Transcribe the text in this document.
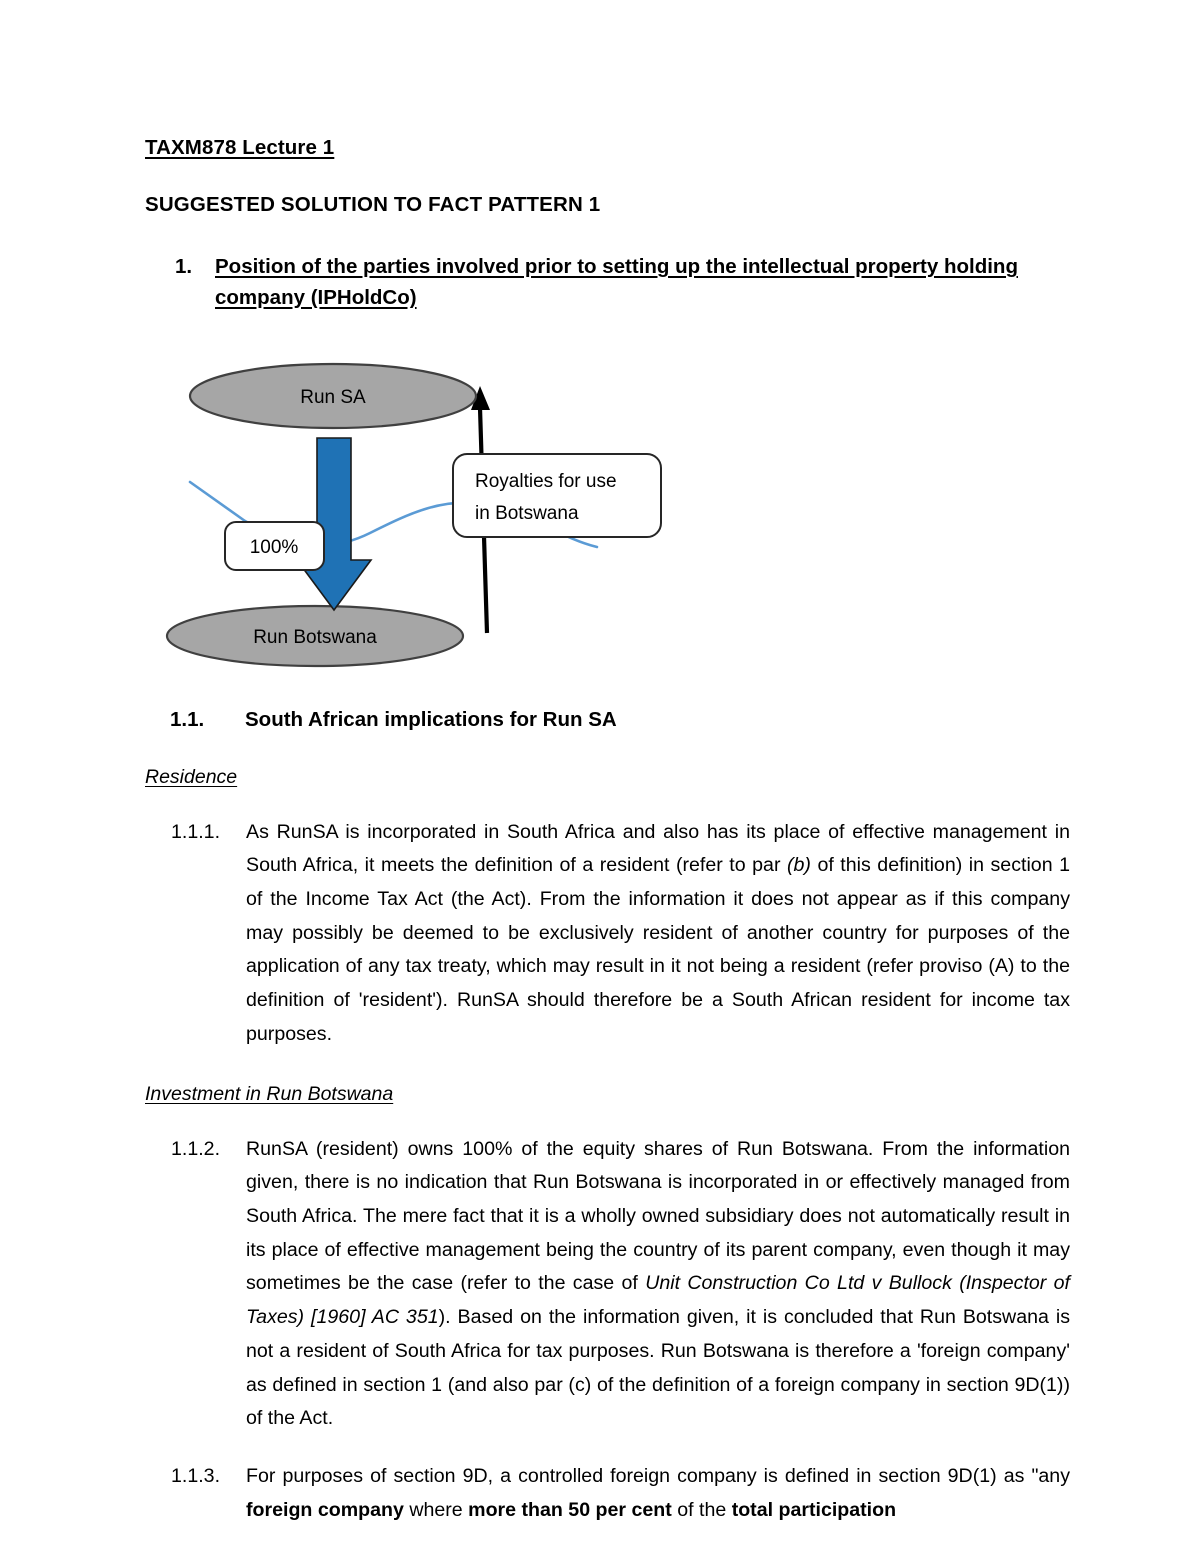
TAXM878 Lecture 1
SUGGESTED SOLUTION TO FACT PATTERN 1
1. Position of the parties involved prior to setting up the intellectual property holding company (IPHoldCo)
Run SA
Run Botswana
100%
Royalties for use
in Botswana
1.1. South African implications for Run SA
Residence

1.1.1. As RunSA is incorporated in South Africa and also has its place of effective management in South Africa, it meets the definition of a resident (refer to par (b) of this definition) in section 1 of the Income Tax Act (the Act). From the information it does not appear as if this company may possibly be deemed to be exclusively resident of another country for purposes of the application of any tax treaty, which may result in it not being a resident (refer proviso (A) to the definition of 'resident'). RunSA should therefore be a South African resident for income tax purposes.

Investment in Run Botswana

1.1.2. RunSA (resident) owns 100% of the equity shares of Run Botswana. From the information given, there is no indication that Run Botswana is incorporated in or effectively managed from South Africa. The mere fact that it is a wholly owned subsidiary does not automatically result in its place of effective management being the country of its parent company, even though it may sometimes be the case (refer to the case of Unit Construction Co Ltd v Bullock (Inspector of Taxes) [1960] AC 351). Based on the information given, it is concluded that Run Botswana is not a resident of South Africa for tax purposes. Run Botswana is therefore a 'foreign company' as defined in section 1 (and also par (c) of the definition of a foreign company in section 9D(1)) of the Act.

1.1.3. For purposes of section 9D, a controlled foreign company is defined in section 9D(1) as "any foreign company where more than 50 per cent of the total participation
